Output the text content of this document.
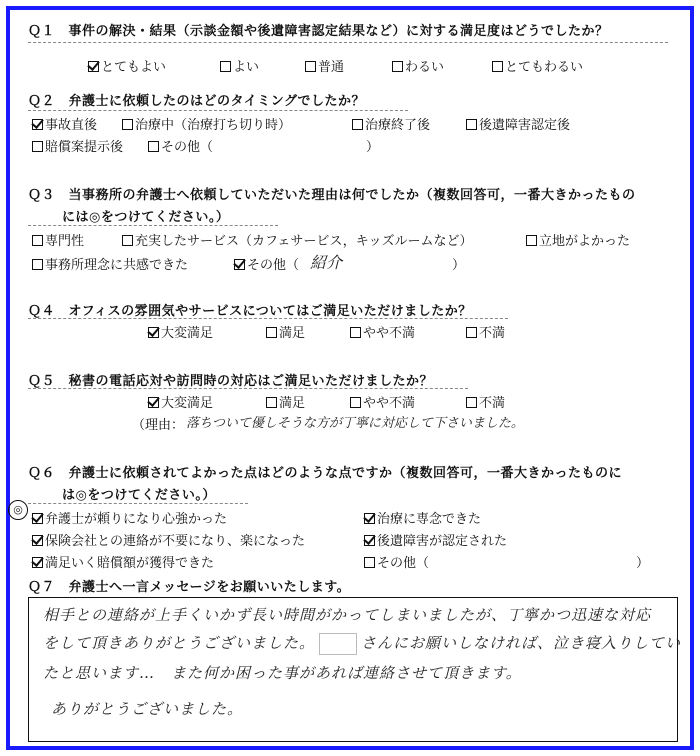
Ｑ１　事件の解決・結果（示談金額や後遺障害認定結果など）に対する満足度はどうでしたか？
とてもよい	よい	普通	わるい	とてもわるい
Ｑ２　弁護士に依頼したのはどのタイミングでしたか？
事故直後	治療中（治療打ち切り時）	治療終了後	後遺障害認定後
賠償案提示後	その他（	）
Ｑ３　当事務所の弁護士へ依頼していただいた理由は何でしたか（複数回答可，一番大きかったもの
には◎をつけてください。）
専門性	充実したサービス（カフェサービス，キッズルームなど）	立地がよかった
事務所理念に共感できた	その他（ 紹介	）
Ｑ４　オフィスの雰囲気やサービスについてはご満足いただけましたか？
大変満足	満足	やや不満	不満
Ｑ５　秘書の電話応対や訪問時の対応はご満足いただけましたか？
大変満足	満足	やや不満	不満
（理由： 落ちついて優しそうな方が丁寧に対応して下さいました。
Ｑ６　弁護士に依頼されてよかった点はどのような点ですか（複数回答可，一番大きかったものに
は◎をつけてください。）
◎
弁護士が頼りになり心強かった	治療に専念できた
保険会社との連絡が不要になり、楽になった	後遺障害が認定された
満足いく賠償額が獲得できた	その他（	）
Ｑ７　弁護士へ一言メッセージをお願いいたします。
相手との連絡が上手くいかず長い時間がかってしまいましたが、丁寧かつ迅速な対応
をして頂きありがとうございました。	さんにお願いしなければ、泣き寝入りしてい
たと思います…　また何か困った事があれば連絡させて頂きます。
ありがとうございました。
